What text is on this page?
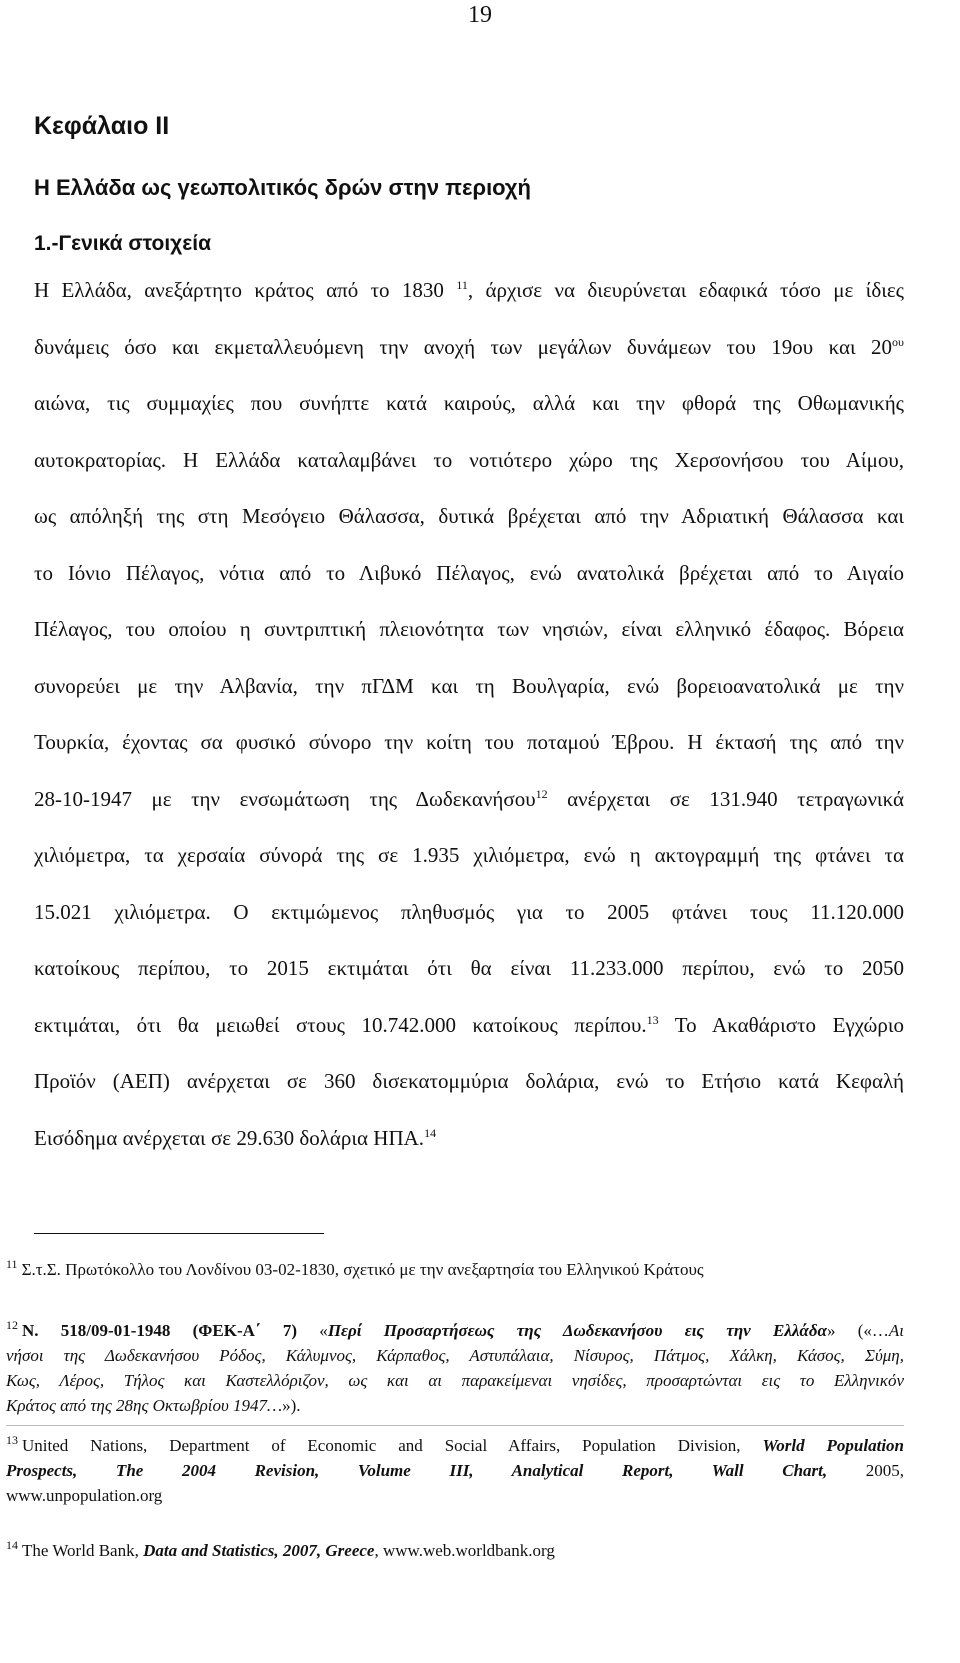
19
Κεφάλαιο ΙΙ
Η Ελλάδα ως γεωπολιτικός δρών στην περιοχή
1.-Γενικά στοιχεία
Η Ελλάδα, ανεξάρτητο κράτος από το 1830 $^{11}$, άρχισε να διευρύνεται εδαφικά τόσο με ίδιες
δυνάμεις όσο και εκμεταλλευόμενη την ανοχή των μεγάλων δυνάμεων του 19ου και $20^{o\upsilon}$
αιώνα, τις συμμαχίες που συνήπτε κατά καιρούς, αλλά και την φθορά της Οθωμανικής
αυτοκρατορίας. Η Ελλάδα καταλαμβάνει το νοτιότερο χώρο της Χερσονήσου του Αίμου,
ως απόληξή της στη Μεσόγειο Θάλασσα, δυτικά βρέχεται από την Αδριατική Θάλασσα και
το Ιόνιο Πέλαγος, νότια από το Λιβυκό Πέλαγος, ενώ ανατολικά βρέχεται από το Αιγαίο
Πέλαγος, του οποίου η συντριπτική πλειονότητα των νησιών, είναι ελληνικό έδαφος. Βόρεια
συνορεύει με την Αλβανία, την πΓΔΜ και τη Βουλγαρία, ενώ βορειοανατολικά με την
Τουρκία, έχοντας σα φυσικό σύνορο την κοίτη του ποταμού Έβρου. Η έκτασή της από την
28-10-1947 με την ενσωμάτωση της Δωδεκανήσου$^{12}$ ανέρχεται σε 131.940 τετραγωνικά
χιλιόμετρα, τα χερσαία σύνορά της σε 1.935 χιλιόμετρα, ενώ η ακτογραμμή της φτάνει τα
15.021 χιλιόμετρα. Ο εκτιμώμενος πληθυσμός για το 2005 φτάνει τους 11.120.000
κατοίκους περίπου, το 2015 εκτιμάται ότι θα είναι 11.233.000 περίπου, ενώ το 2050
εκτιμάται, ότι θα μειωθεί στους 10.742.000 κατοίκους περίπου.$^{13}$ Το Ακαθάριστο Εγχώριο
Προϊόν (ΑΕΠ) ανέρχεται σε 360 δισεκατομμύρια δολάρια, ενώ το Ετήσιο κατά Κεφαλή
Εισόδημα ανέρχεται σε 29.630 δολάρια ΗΠΑ.$^{14}$
$^{11}$ Σ.τ.Σ. Πρωτόκολλο του Λονδίνου 03-02-1830, σχετικό με την ανεξαρτησία του Ελληνικού Κράτους
$^{12}$ Ν. 518/09-01-1948 (ΦΕΚ-Α΄ 7) «Περί Προσαρτήσεως της Δωδεκανήσου εις την Ελλάδα» («…Αι
νήσοι της Δωδεκανήσου Ρόδος, Κάλυμνος, Κάρπαθος, Αστυπάλαια, Νίσυρος, Πάτμος, Χάλκη, Κάσος, Σύμη,
Κως, Λέρος, Τήλος και Καστελλόριζον, ως και αι παρακείμεναι νησίδες, προσαρτώνται εις το Ελληνικόν
Κράτος από της 28ης Οκτωβρίου 1947…»).
$^{13}$ United Nations, Department of Economic and Social Affairs, Population Division, World Population
Prospects, The 2004 Revision, Volume III, Analytical Report, Wall Chart, 2005,
www.unpopulation.org
$^{14}$ The World Bank, Data and Statistics, 2007, Greece, www.web.worldbank.org
